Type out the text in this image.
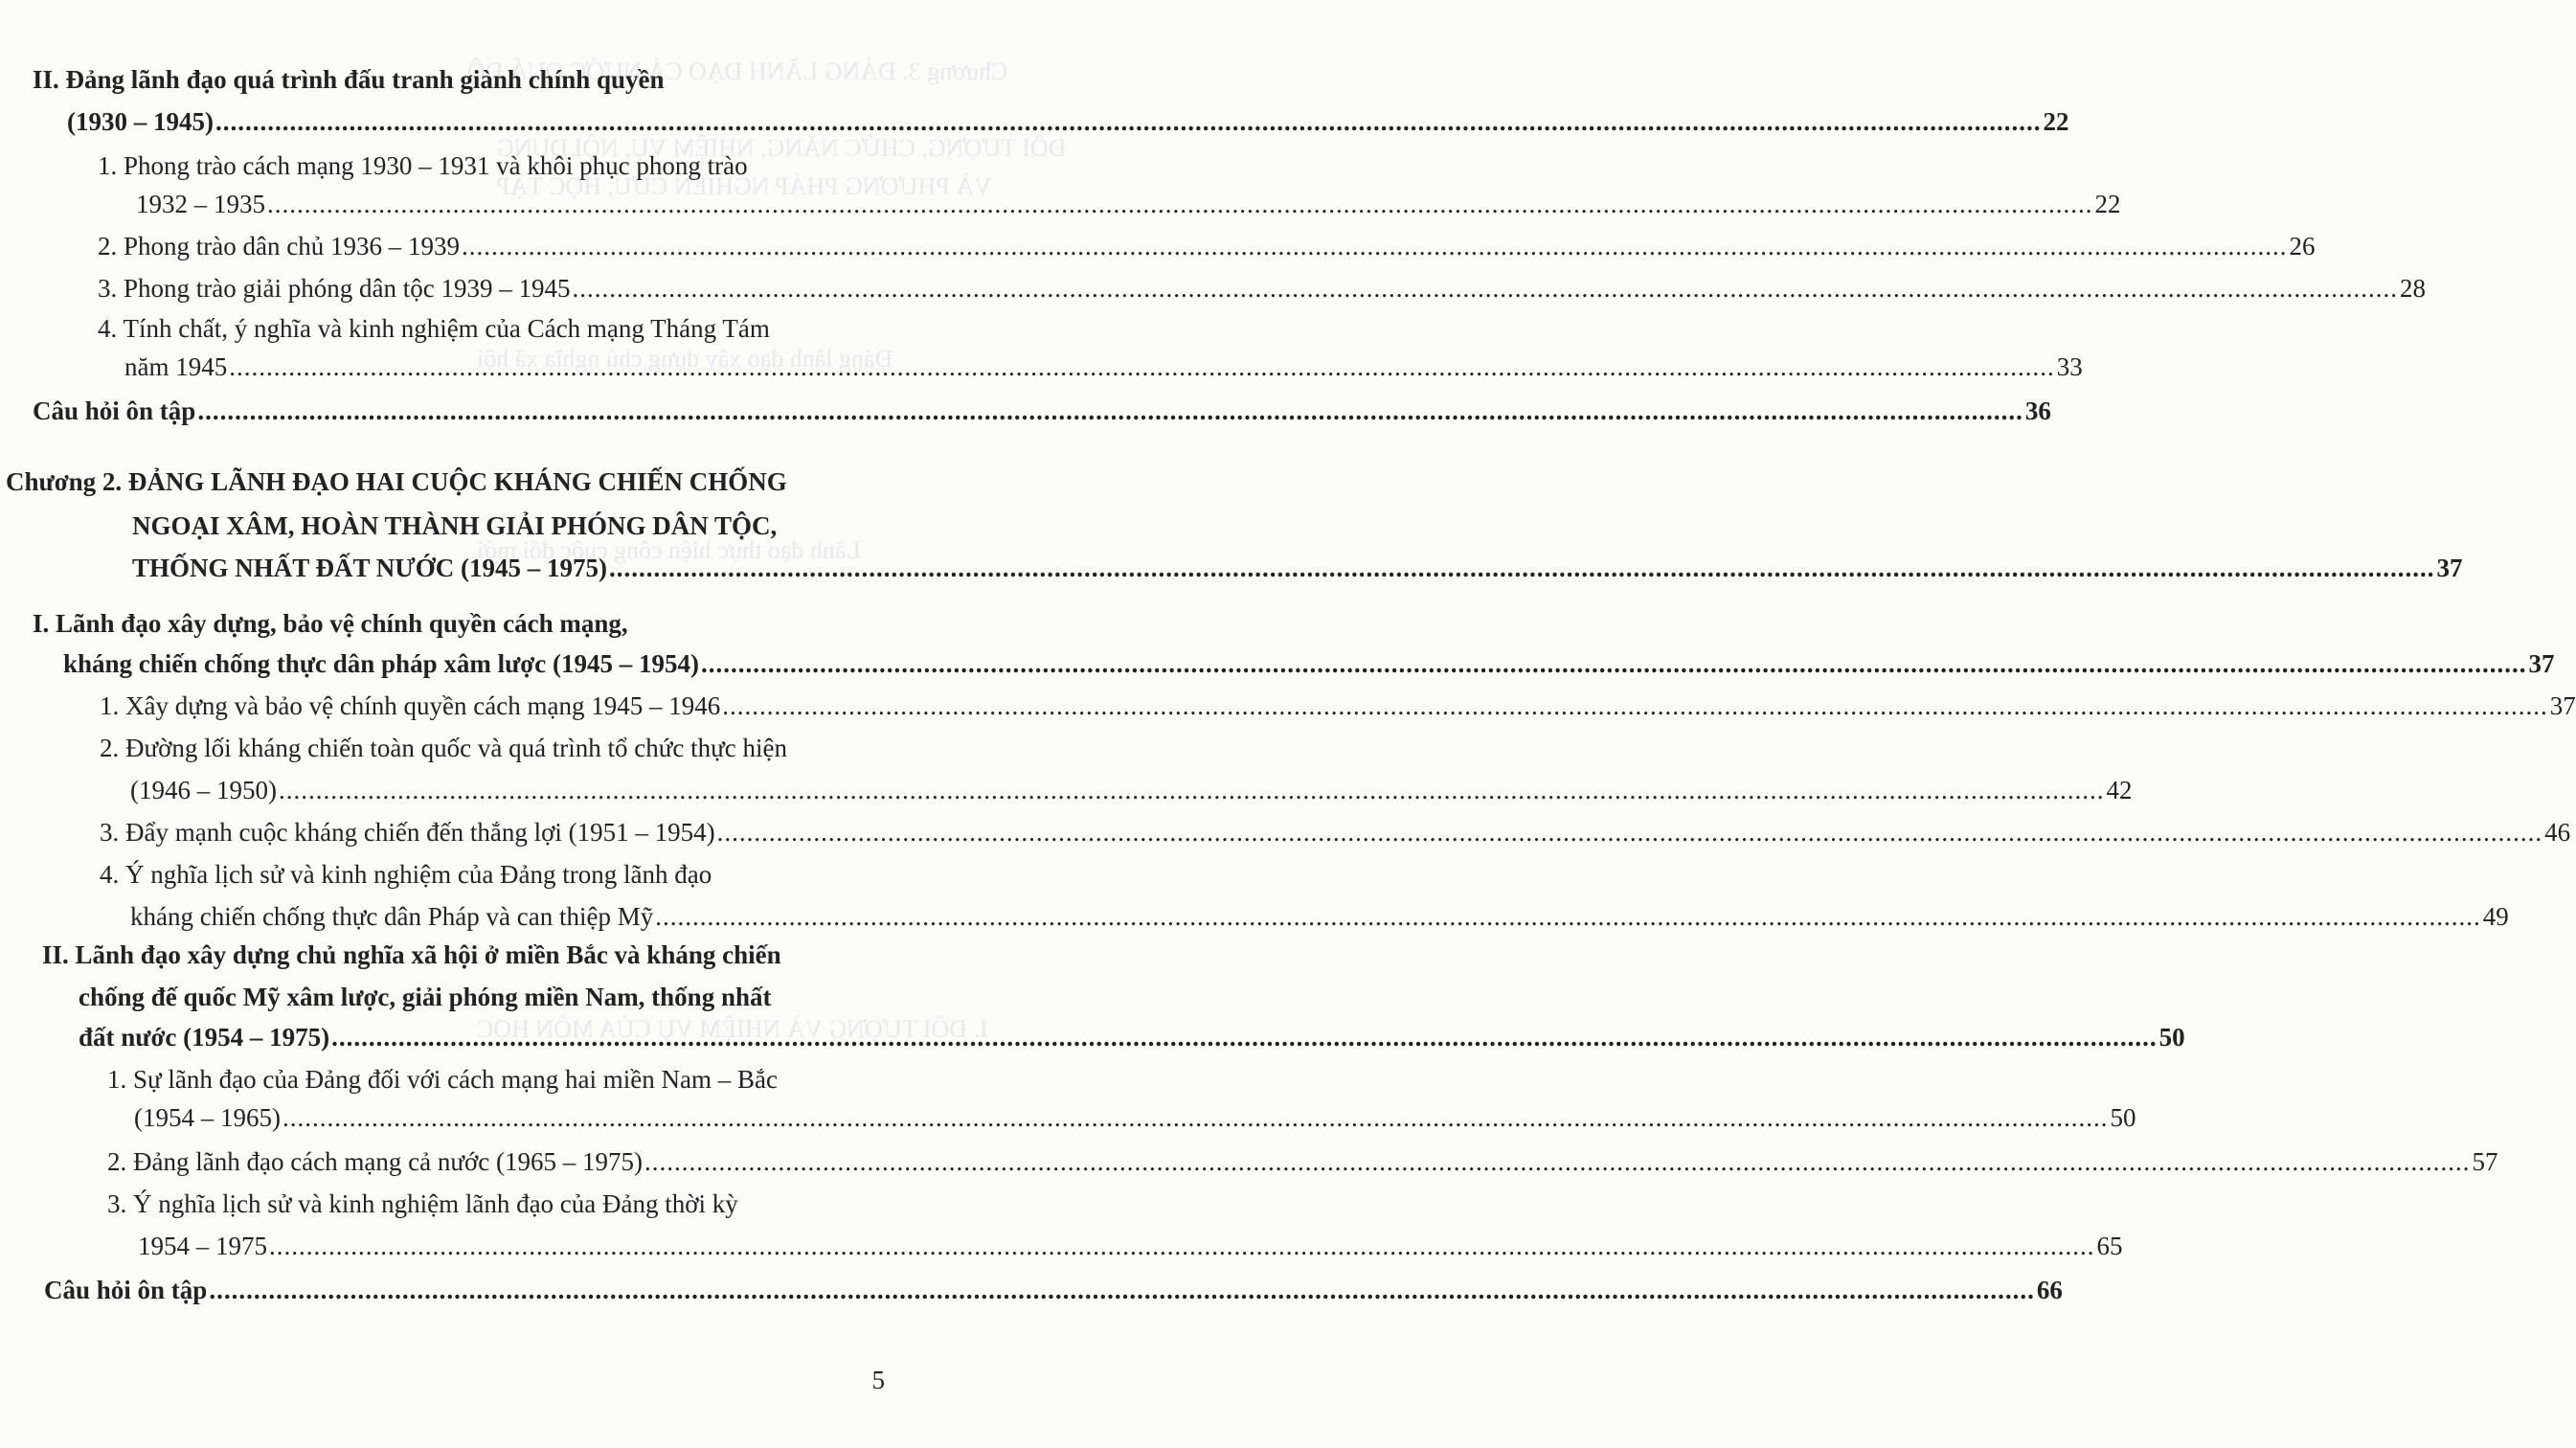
Chương 3. ĐẢNG LÃNH ĐẠO CẢ NƯỚC QUÁ ĐỘ
ĐỐI TƯỢNG, CHỨC NĂNG, NHIỆM VỤ, NỘI DUNG
VÀ PHƯƠNG PHÁP NGHIÊN CỨU, HỌC TẬP
Đảng lãnh đạo xây dựng chủ nghĩa xã hội
Lãnh đạo thực hiện công cuộc đổi mới
I. ĐỐI TƯỢNG VÀ NHIỆM VỤ CỦA MÔN HỌC
II. Đảng lãnh đạo quá trình đấu tranh giành chính quyền
(1930 – 1945) .....	22
1. Phong trào cách mạng 1930 – 1931 và khôi phục phong trào
1932 – 1935 .....	22
2. Phong trào dân chủ 1936 – 1939 .....	26
3. Phong trào giải phóng dân tộc 1939 – 1945 .....	28
4. Tính chất, ý nghĩa và kinh nghiệm của Cách mạng Tháng Tám
năm 1945 .....	33
Câu hỏi ôn tập .....	36
Chương 2. ĐẢNG LÃNH ĐẠO HAI CUỘC KHÁNG CHIẾN CHỐNG
NGOẠI XÂM, HOÀN THÀNH GIẢI PHÓNG DÂN TỘC,
THỐNG NHẤT ĐẤT NƯỚC (1945 – 1975) .....	37
I. Lãnh đạo xây dựng, bảo vệ chính quyền cách mạng,
kháng chiến chống thực dân pháp xâm lược (1945 – 1954) .....	37
1. Xây dựng và bảo vệ chính quyền cách mạng 1945 – 1946 .....	37
2. Đường lối kháng chiến toàn quốc và quá trình tổ chức thực hiện
(1946 – 1950) .....	42
3. Đẩy mạnh cuộc kháng chiến đến thắng lợi (1951 – 1954) .....	46
4. Ý nghĩa lịch sử và kinh nghiệm của Đảng trong lãnh đạo
kháng chiến chống thực dân Pháp và can thiệp Mỹ .....	49
II. Lãnh đạo xây dựng chủ nghĩa xã hội ở miền Bắc và kháng chiến
chống đế quốc Mỹ xâm lược, giải phóng miền Nam, thống nhất
đất nước (1954 – 1975) .....	50
1. Sự lãnh đạo của Đảng đối với cách mạng hai miền Nam – Bắc
(1954 – 1965) .....	50
2. Đảng lãnh đạo cách mạng cả nước (1965 – 1975) .....	57
3. Ý nghĩa lịch sử và kinh nghiệm lãnh đạo của Đảng thời kỳ
1954 – 1975 .....	65
Câu hỏi ôn tập .....	66
5
